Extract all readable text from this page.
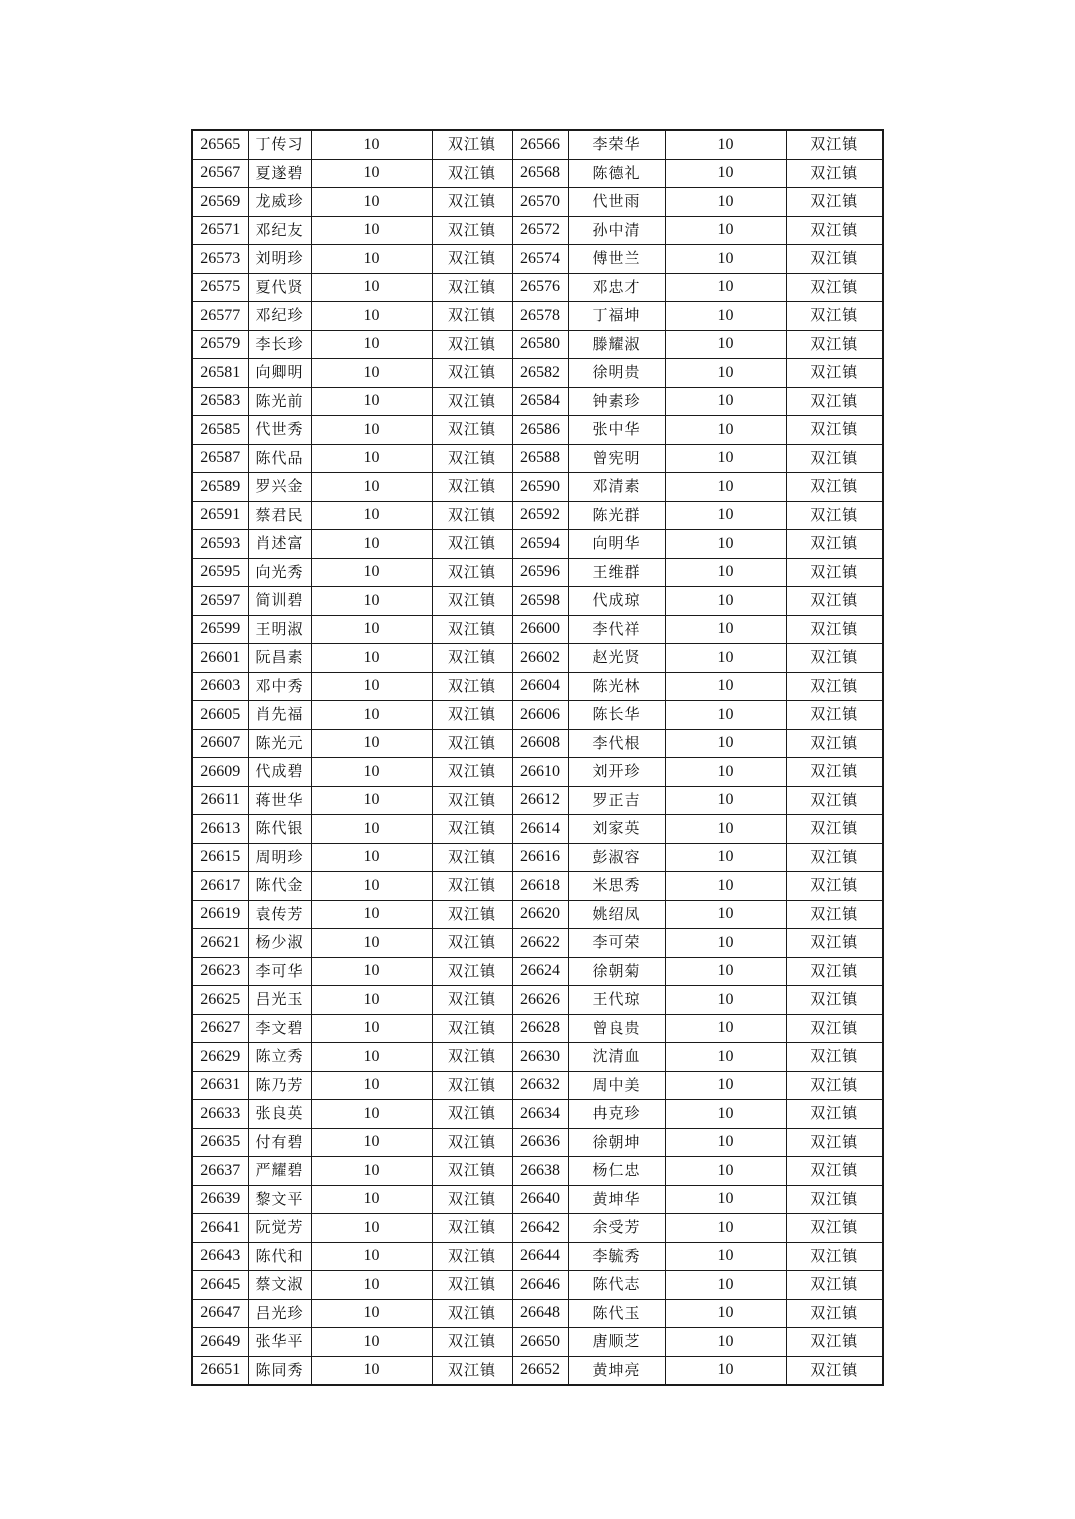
26565	丁传习	10	双江镇	26566	李荣华	10	双江镇
26567	夏遂碧	10	双江镇	26568	陈德礼	10	双江镇
26569	龙威珍	10	双江镇	26570	代世雨	10	双江镇
26571	邓纪友	10	双江镇	26572	孙中清	10	双江镇
26573	刘明珍	10	双江镇	26574	傅世兰	10	双江镇
26575	夏代贤	10	双江镇	26576	邓忠才	10	双江镇
26577	邓纪珍	10	双江镇	26578	丁福坤	10	双江镇
26579	李长珍	10	双江镇	26580	滕耀淑	10	双江镇
26581	向卿明	10	双江镇	26582	徐明贵	10	双江镇
26583	陈光前	10	双江镇	26584	钟素珍	10	双江镇
26585	代世秀	10	双江镇	26586	张中华	10	双江镇
26587	陈代品	10	双江镇	26588	曾宪明	10	双江镇
26589	罗兴金	10	双江镇	26590	邓清素	10	双江镇
26591	蔡君民	10	双江镇	26592	陈光群	10	双江镇
26593	肖述富	10	双江镇	26594	向明华	10	双江镇
26595	向光秀	10	双江镇	26596	王维群	10	双江镇
26597	简训碧	10	双江镇	26598	代成琼	10	双江镇
26599	王明淑	10	双江镇	26600	李代祥	10	双江镇
26601	阮昌素	10	双江镇	26602	赵光贤	10	双江镇
26603	邓中秀	10	双江镇	26604	陈光林	10	双江镇
26605	肖先福	10	双江镇	26606	陈长华	10	双江镇
26607	陈光元	10	双江镇	26608	李代根	10	双江镇
26609	代成碧	10	双江镇	26610	刘开珍	10	双江镇
26611	蒋世华	10	双江镇	26612	罗正吉	10	双江镇
26613	陈代银	10	双江镇	26614	刘家英	10	双江镇
26615	周明珍	10	双江镇	26616	彭淑容	10	双江镇
26617	陈代金	10	双江镇	26618	米思秀	10	双江镇
26619	袁传芳	10	双江镇	26620	姚绍凤	10	双江镇
26621	杨少淑	10	双江镇	26622	李可荣	10	双江镇
26623	李可华	10	双江镇	26624	徐朝菊	10	双江镇
26625	吕光玉	10	双江镇	26626	王代琼	10	双江镇
26627	李文碧	10	双江镇	26628	曾良贵	10	双江镇
26629	陈立秀	10	双江镇	26630	沈清血	10	双江镇
26631	陈乃芳	10	双江镇	26632	周中美	10	双江镇
26633	张良英	10	双江镇	26634	冉克珍	10	双江镇
26635	付有碧	10	双江镇	26636	徐朝坤	10	双江镇
26637	严耀碧	10	双江镇	26638	杨仁忠	10	双江镇
26639	黎文平	10	双江镇	26640	黄坤华	10	双江镇
26641	阮觉芳	10	双江镇	26642	余受芳	10	双江镇
26643	陈代和	10	双江镇	26644	李毓秀	10	双江镇
26645	蔡文淑	10	双江镇	26646	陈代志	10	双江镇
26647	吕光珍	10	双江镇	26648	陈代玉	10	双江镇
26649	张华平	10	双江镇	26650	唐顺芝	10	双江镇
26651	陈同秀	10	双江镇	26652	黄坤亮	10	双江镇
